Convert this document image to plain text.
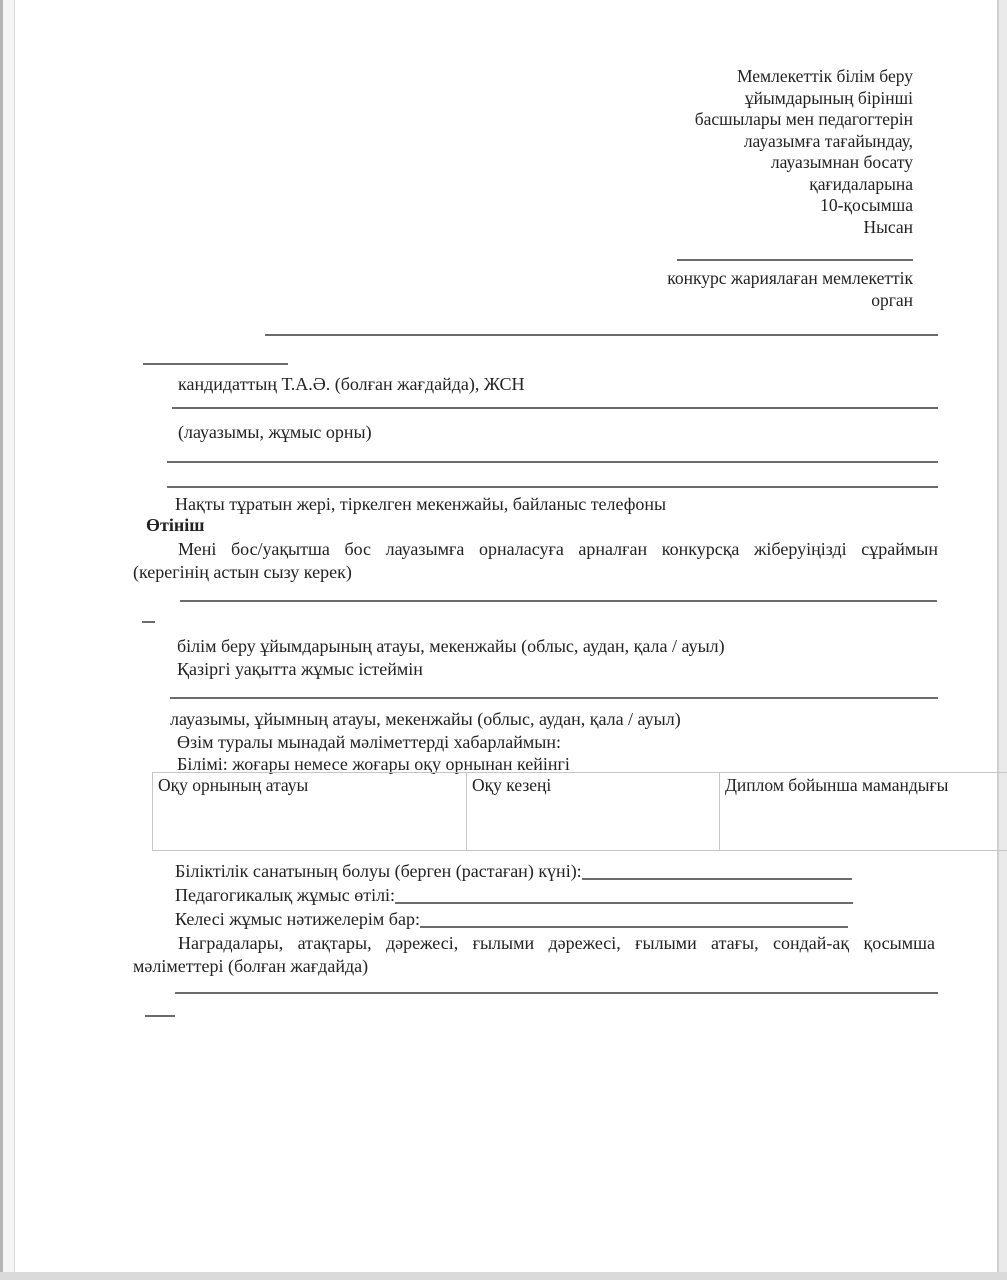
Мемлекеттік білім беру
ұйымдарының бірінші
басшылары мен педагогтерін
лауазымға тағайындау,
лауазымнан босату
қағидаларына
10-қосымша
Нысан
конкурс жариялаған мемлекеттік
орган
кандидаттың Т.А.Ә. (болған жағдайда), ЖСН
(лауазымы, жұмыс орны)
Нақты тұратын жері, тіркелген мекенжайы, байланыс телефоны
Өтініш
Мені бос/уақытша бос лауазымға орналасуға арналған конкурсқа жіберуіңізді сұраймын
(керегінің астын сызу керек)
білім беру ұйымдарының атауы, мекенжайы (облыс, аудан, қала / ауыл)
Қазіргі уақытта жұмыс істеймін
лауазымы, ұйымның атауы, мекенжайы (облыс, аудан, қала / ауыл)
Өзім туралы мынадай мәліметтерді хабарлаймын:
Білімі: жоғары немесе жоғары оқу орнынан кейінгі
Оқу орнының атауы	Оқу кезеңі	Диплом бойынша мамандығы
Біліктілік санатының болуы (берген (растаған) күні):
Педагогикалық жұмыс өтілі:
Келесі жұмыс нәтижелерім бар:
Наградалары, атақтары, дәрежесі, ғылыми дәрежесі, ғылыми атағы, сондай-ақ қосымша
мәліметтері (болған жағдайда)
